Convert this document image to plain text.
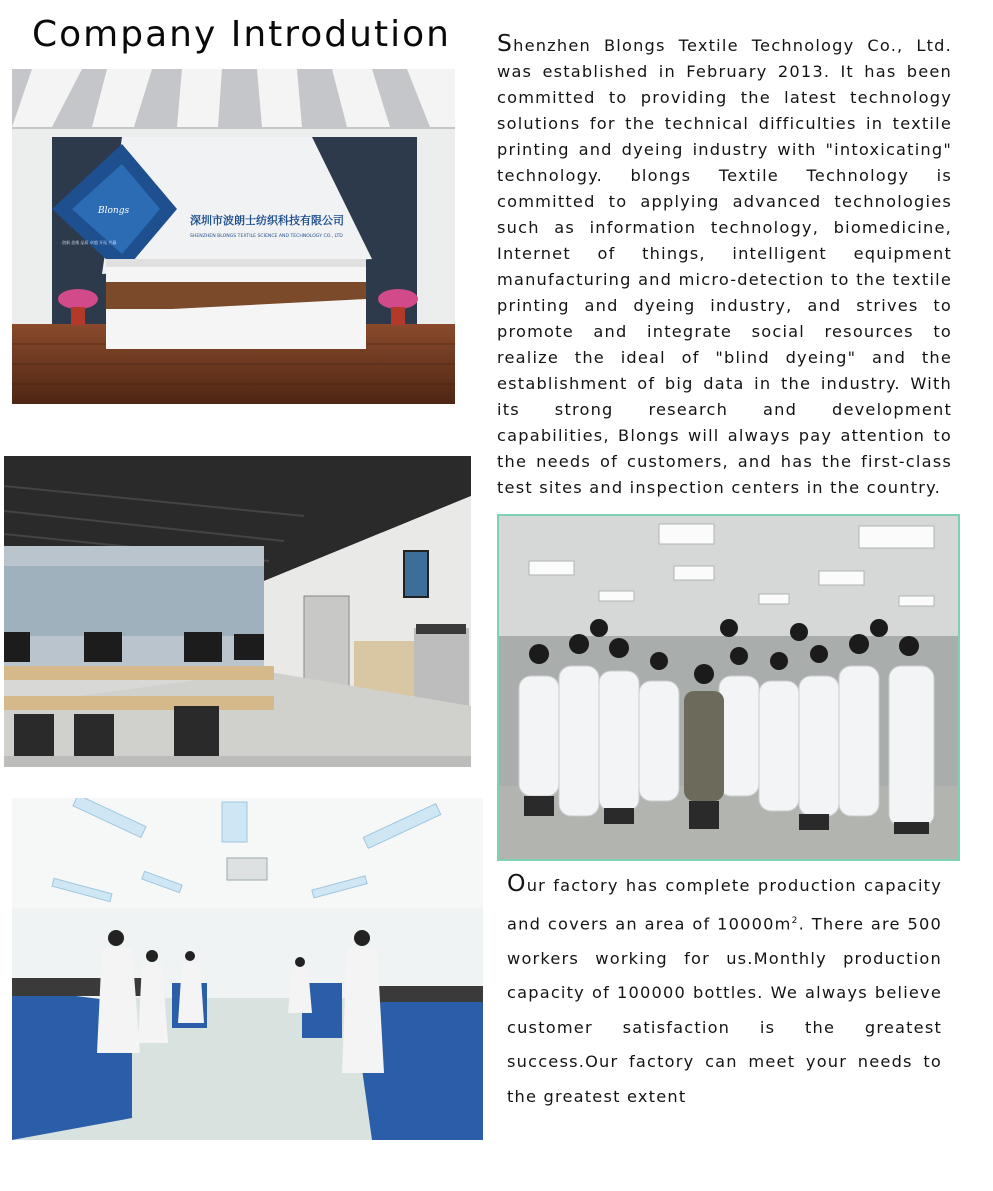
Company Introdution Shenzhen Blongs Textile Technology Co., Ltd. was established in February 2013. It has been committed to providing the latest technology solutions for the technical difficulties in textile printing and dyeing industry with "intoxicating" technology. blongs Textile Technology is committed to applying advanced technologies such as information technology, biomedicine, Internet of things, intelligent equipment manufacturing and micro-detection to the textile printing and dyeing industry, and strives to promote and integrate social resources to realize the ideal of "blind dyeing" and the establishment of big data in the industry. With its strong research and development capabilities, Blongs will always pay attention to the needs of customers, and has the first-class test sites and inspection centers in the country.

Blongs
创新 思维 品质 卓越 开拓 共赢
深圳市波朗士纺织科技有限公司
SHENZHEN BLONGS TEXTILE SCIENCE AND TECHNOLOGY CO., LTD

Our factory has complete production capacity and covers an area of $10000m^2$. There are 500 workers working for us.Monthly production capacity of 100000 bottles. We always believe customer satisfaction is the greatest success.Our factory can meet your needs to the greatest extent
